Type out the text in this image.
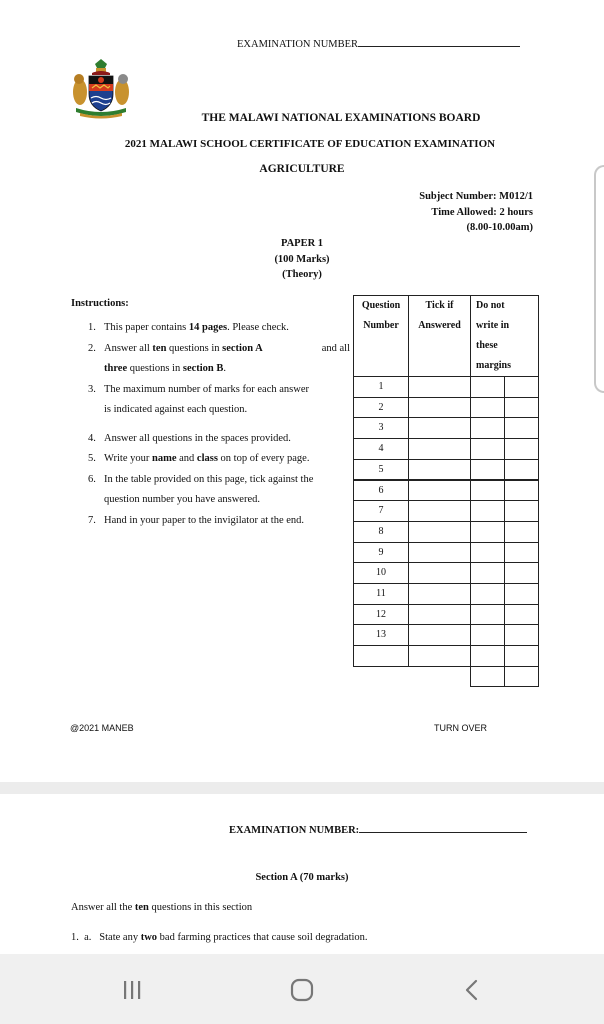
EXAMINATION NUMBER
THE MALAWI NATIONAL EXAMINATIONS BOARD
2021 MALAWI SCHOOL CERTIFICATE OF EDUCATION EXAMINATION
AGRICULTURE
Subject Number: M012/1
Time Allowed: 2 hours
(8.00-10.00am)
PAPER 1
(100 Marks)
(Theory)
Instructions:
1. This paper contains 14 pages. Please check.
2. Answer all ten questions in section A	and all
three questions in section B.
3. The maximum number of marks for each answer
is indicated against each question.
4. Answer all questions in the spaces provided.
5. Write your name and class on top of every page.
6. In the table provided on this page, tick against the
question number you have answered.
7. Hand in your paper to the invigilator at the end.
Question
Number
Tick if
Answered
Do not
write in
these
margins
1
2
3
4
5
6
7
8
9
10
11
12
13
@2021 MANEB	TURN OVER
EXAMINATION NUMBER:
Section A (70 marks)
Answer all the ten questions in this section
1. a. State any two bad farming practices that cause soil degradation.
